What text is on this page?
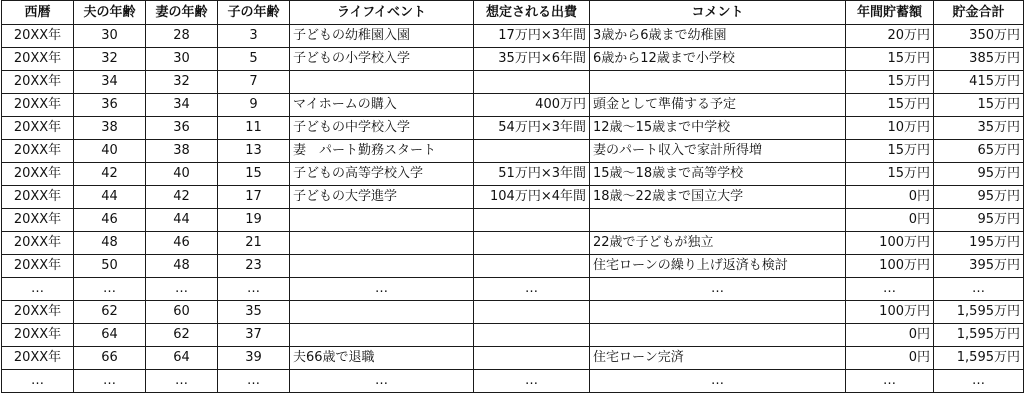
西暦	夫の年齢	妻の年齢	子の年齢	ライフイベント	想定される出費	コメント	年間貯蓄額	貯金合計
20XX年	30	28	3	子どもの幼稚園入園	17万円×3年間	3歳から6歳まで幼稚園	20万円	350万円
20XX年	32	30	5	子どもの小学校入学	35万円×6年間	6歳から12歳まで小学校	15万円	385万円
20XX年	34	32	7				15万円	415万円
20XX年	36	34	9	マイホームの購入	400万円	頭金として準備する予定	15万円	15万円
20XX年	38	36	11	子どもの中学校入学	54万円×3年間	12歳～15歳まで中学校	10万円	35万円
20XX年	40	38	13	妻　パート勤務スタート		妻のパート収入で家計所得増	15万円	65万円
20XX年	42	40	15	子どもの高等学校入学	51万円×3年間	15歳～18歳まで高等学校	15万円	95万円
20XX年	44	42	17	子どもの大学進学	104万円×4年間	18歳～22歳まで国立大学	0円	95万円
20XX年	46	44	19				0円	95万円
20XX年	48	46	21			22歳で子どもが独立	100万円	195万円
20XX年	50	48	23			住宅ローンの繰り上げ返済も検討	100万円	395万円
…	…	…	…	…	…	…	…	…
20XX年	62	60	35				100万円	1,595万円
20XX年	64	62	37				0円	1,595万円
20XX年	66	64	39	夫66歳で退職		住宅ローン完済	0円	1,595万円
…	…	…	…	…	…	…	…	…
